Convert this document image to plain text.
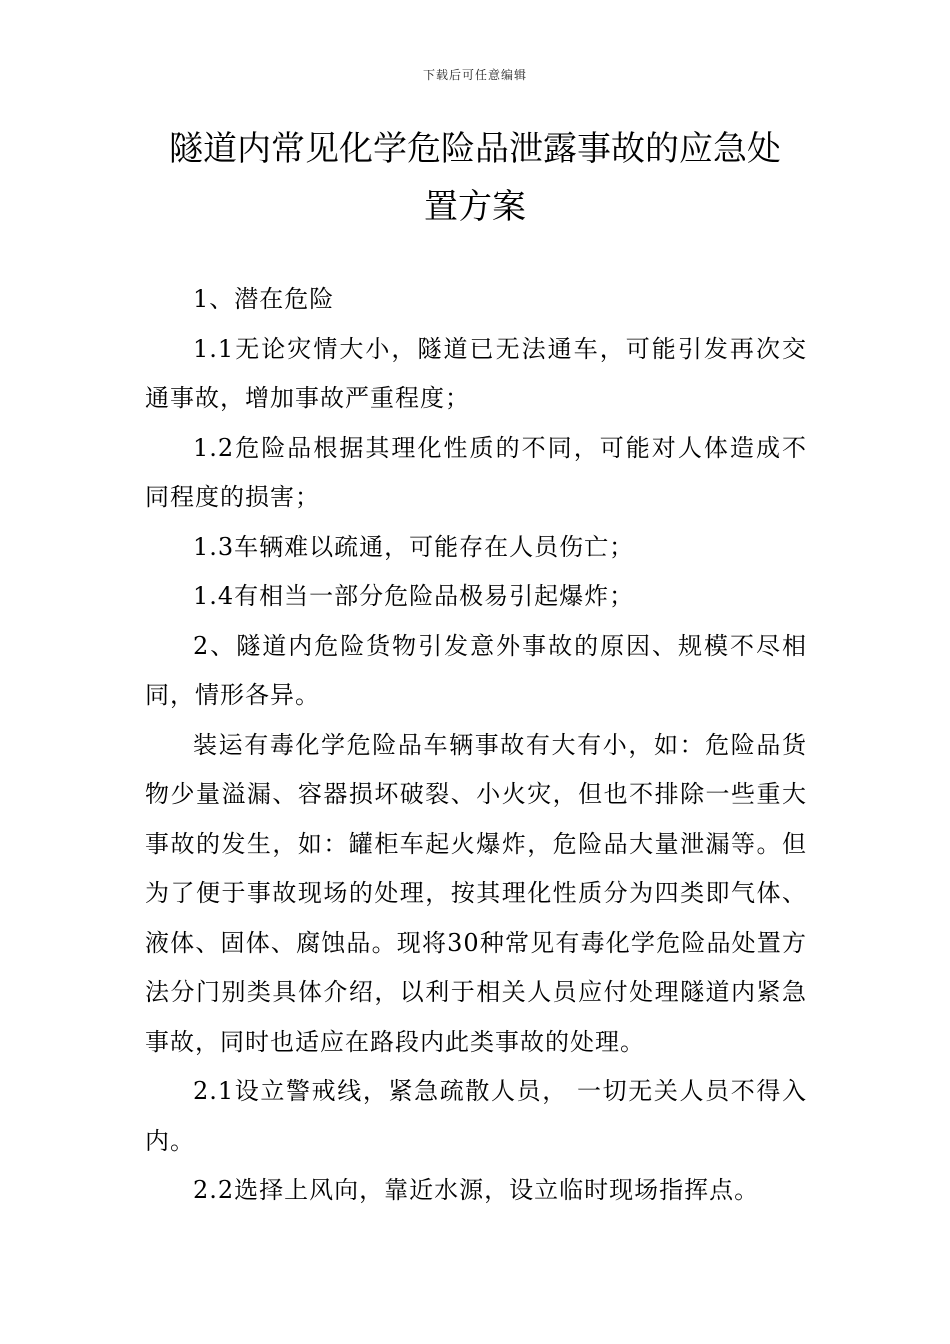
下载后可任意编辑
隧道内常见化学危险品泄露事故的应急处
置方案

1、潜在危险

1.1无论灾情大小，隧道已无法通车，可能引发再次交通事故，增加事故严重程度；

1.2危险品根据其理化性质的不同，可能对人体造成不同程度的损害；

1.3车辆难以疏通，可能存在人员伤亡；

1.4有相当一部分危险品极易引起爆炸；

2、隧道内危险货物引发意外事故的原因、规模不尽相同，情形各异。

装运有毒化学危险品车辆事故有大有小，如：危险品货物少量溢漏、容器损坏破裂、小火灾，但也不排除一些重大事故的发生，如：罐柜车起火爆炸，危险品大量泄漏等。但为了便于事故现场的处理，按其理化性质分为四类即气体、液体、固体、腐蚀品。现将30种常见有毒化学危险品处置方法分门别类具体介绍，以利于相关人员应付处理隧道内紧急事故，同时也适应在路段内此类事故的处理。

2.1设立警戒线，紧急疏散人员， 一切无关人员不得入内。

2.2选择上风向，靠近水源，设立临时现场指挥点。
